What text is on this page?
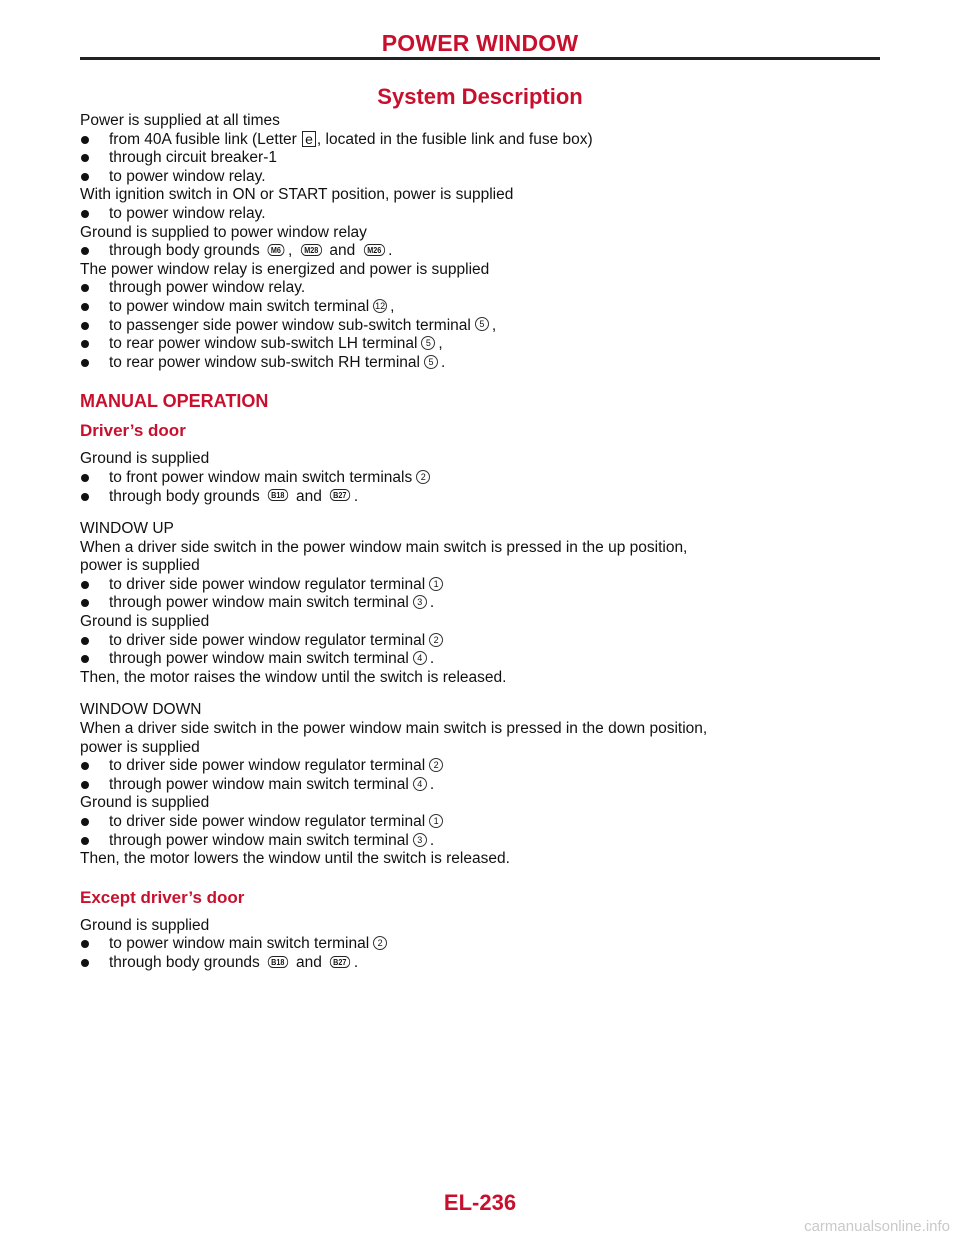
POWER WINDOW
System Description
Power is supplied at all times
from 40A fusible link (Letter e , located in the fusible link and fuse box)
through circuit breaker-1
to power window relay.
With ignition switch in ON or START position, power is supplied
to power window relay.
Ground is supplied to power window relay
through body grounds M6 , M28 and M26 .
The power window relay is energized and power is supplied
through power window relay.
to power window main switch terminal 12 ,
to passenger side power window sub-switch terminal 5 ,
to rear power window sub-switch LH terminal 5 ,
to rear power window sub-switch RH terminal 5 .
MANUAL OPERATION
Driver’s door
Ground is supplied
to front power window main switch terminals 2
through body grounds B18 and B27 .
WINDOW UP
When a driver side switch in the power window main switch is pressed in the up position,
power is supplied
to driver side power window regulator terminal 1
through power window main switch terminal 3 .
Ground is supplied
to driver side power window regulator terminal 2
through power window main switch terminal 4 .
Then, the motor raises the window until the switch is released.
WINDOW DOWN
When a driver side switch in the power window main switch is pressed in the down position,
power is supplied
to driver side power window regulator terminal 2
through power window main switch terminal 4 .
Ground is supplied
to driver side power window regulator terminal 1
through power window main switch terminal 3 .
Then, the motor lowers the window until the switch is released.
Except driver’s door
Ground is supplied
to power window main switch terminal 2
through body grounds B18 and B27 .
EL-236
carmanualsonline.info
